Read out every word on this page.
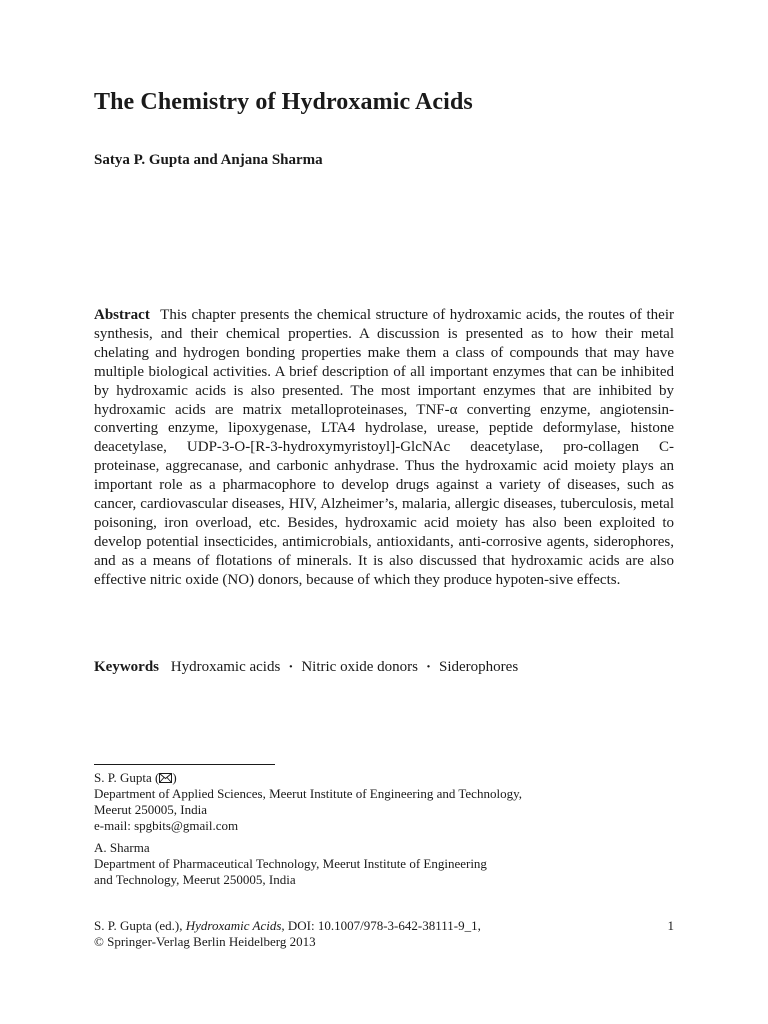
The Chemistry of Hydroxamic Acids

Satya P. Gupta and Anjana Sharma

Abstract This chapter presents the chemical structure of hydroxamic acids, the routes of their synthesis, and their chemical properties. A discussion is presented as to how their metal chelating and hydrogen bonding properties make them a class of compounds that may have multiple biological activities. A brief description of all important enzymes that can be inhibited by hydroxamic acids is also presented. The most important enzymes that are inhibited by hydroxamic acids are matrix metalloproteinases, TNF-α converting enzyme, angiotensin-converting enzyme, lipoxygenase, LTA4 hydrolase, urease, peptide deformylase, histone deacetylase, UDP-3-O-[R-3-hydroxymyristoyl]-GlcNAc deacetylase, pro-collagen C-proteinase, aggrecanase, and carbonic anhydrase. Thus the hydroxamic acid moiety plays an important role as a pharmacophore to develop drugs against a variety of diseases, such as cancer, cardiovascular diseases, HIV, Alzheimer’s, malaria, allergic diseases, tuberculosis, metal poisoning, iron overload, etc. Besides, hydroxamic acid moiety has also been exploited to develop potential insecticides, antimicrobials, antioxidants, anti-corrosive agents, siderophores, and as a means of flotations of minerals. It is also discussed that hydroxamic acids are also effective nitric oxide (NO) donors, because of which they produce hypoten-sive effects.
Keywords Hydroxamic acids · Nitric oxide donors · Siderophores
S. P. Gupta ( )
Department of Applied Sciences, Meerut Institute of Engineering and Technology,
Meerut 250005, India
e-mail: spgbits@gmail.com
A. Sharma
Department of Pharmaceutical Technology, Meerut Institute of Engineering
and Technology, Meerut 250005, India
S. P. Gupta (ed.), Hydroxamic Acids, DOI: 10.1007/978-3-642-38111-9_1,	1
© Springer-Verlag Berlin Heidelberg 2013
